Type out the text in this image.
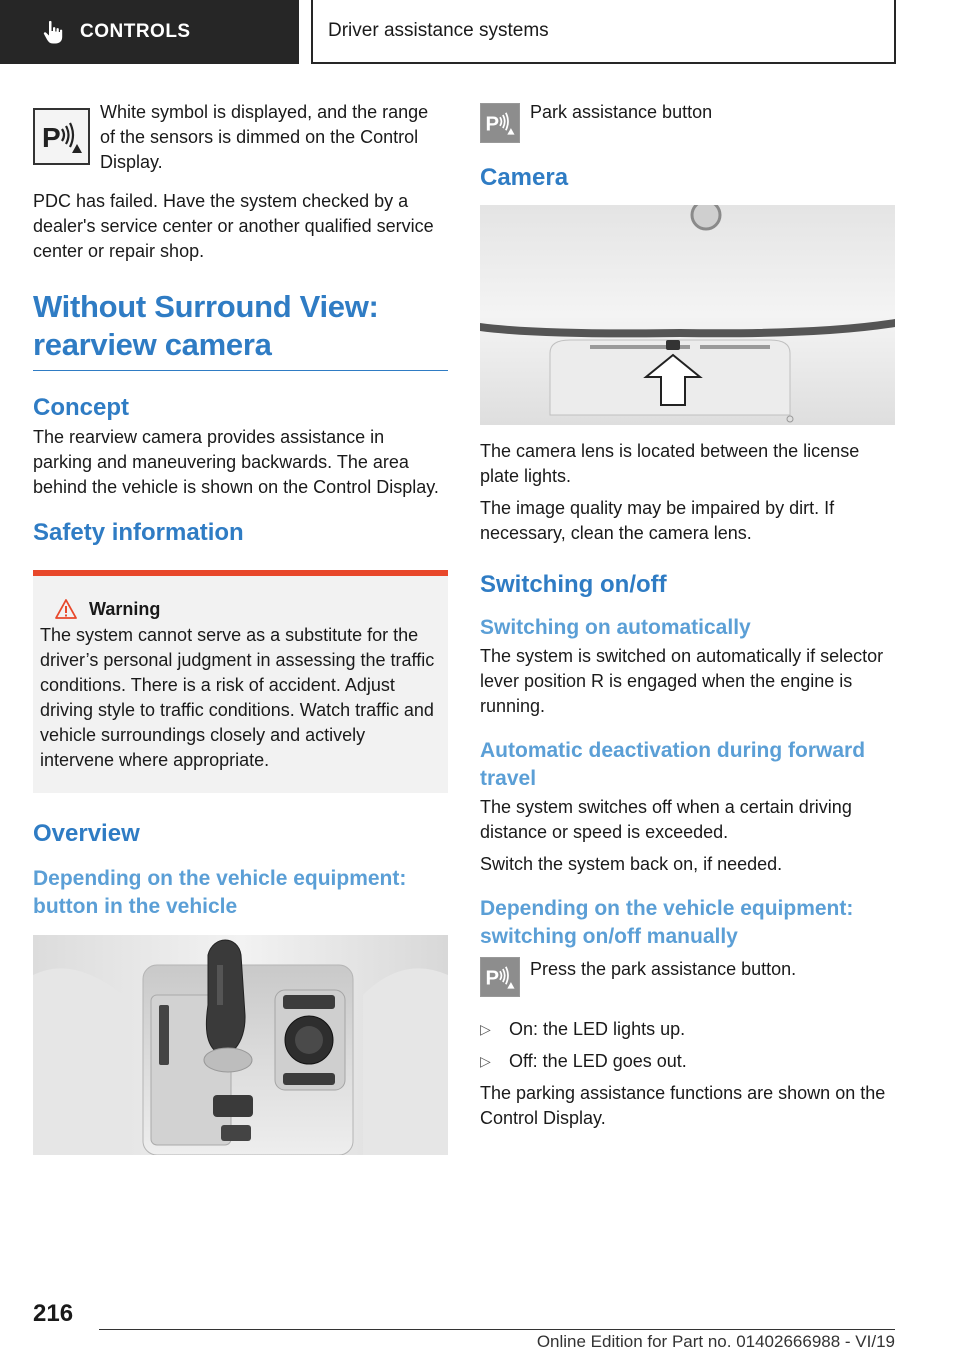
CONTROLS	Driver assistance systems
P
White symbol is displayed, and the range of the sensors is dimmed on the Control Display.

PDC has failed. Have the system checked by a dealer's service center or another qualified service center or repair shop.

Without Surround View: rearview camera
Concept

The rearview camera provides assistance in parking and maneuvering backwards. The area behind the vehicle is shown on the Control Display.

Safety information
Warning

The system cannot serve as a substitute for the driver’s personal judgment in assessing the traffic conditions. There is a risk of accident. Adjust driving style to traffic conditions. Watch traffic and vehicle surroundings closely and actively intervene where appropriate.

Overview
Depending on the vehicle equipment: button in the vehicle
P
Park assistance button
Camera

The camera lens is located between the license plate lights.

The image quality may be impaired by dirt. If necessary, clean the camera lens.

Switching on/off
Switching on automatically

The system is switched on automatically if selector lever position R is engaged when the engine is running.

Automatic deactivation during forward travel

The system switches off when a certain driving distance or speed is exceeded.

Switch the system back on, if needed.

Depending on the vehicle equipment: switching on/off manually
P Press the park assistance button.
▷	On: the LED lights up.
▷	Off: the LED goes out.

The parking assistance functions are shown on the Control Display.

216
Online Edition for Part no. 01402666988 - VI/19
